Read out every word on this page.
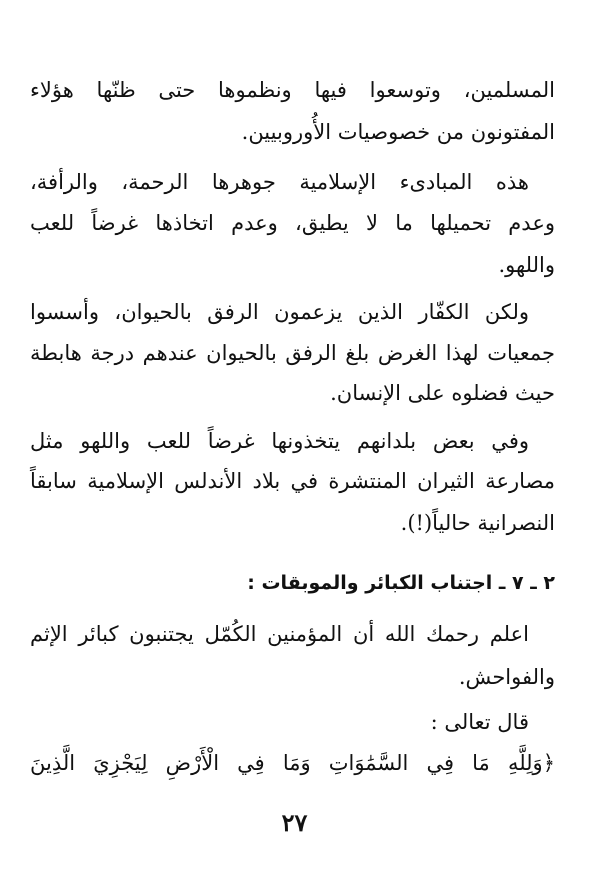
المسلمين، وتوسعوا فيها ونظموها حتى ظنّها هؤلاء
المفتونون من خصوصيات الأُوروبيين.
هذه المبادىء الإسلامية جوهرها الرحمة، والرأفة،
وعدم تحميلها ما لا يطيق، وعدم اتخاذها غرضاً للعب
واللهو.
ولكن الكفّار الذين يزعمون الرفق بالحيوان، وأسسوا
جمعيات لهذا الغرض بلغ الرفق بالحيوان عندهم درجة هابطة
حيث فضلوه على الإنسان.
وفي بعض بلدانهم يتخذونها غرضاً للعب واللهو مثل
مصارعة الثيران المنتشرة في بلاد الأندلس الإسلامية سابقاً
النصرانية حالياً(!).
٢ ـ ٧ ـ اجتناب الكبائر والموبقات :
اعلم رحمك الله أن المؤمنين الكُمّل يجتنبون كبائر الإثم
والفواحش.
قال تعالى :
﴿وَلِلَّهِ مَا فِي السَّمَٰوَاتِ وَمَا فِي الْأَرْضِ لِيَجْزِيَ الَّذِينَ
٢٧
